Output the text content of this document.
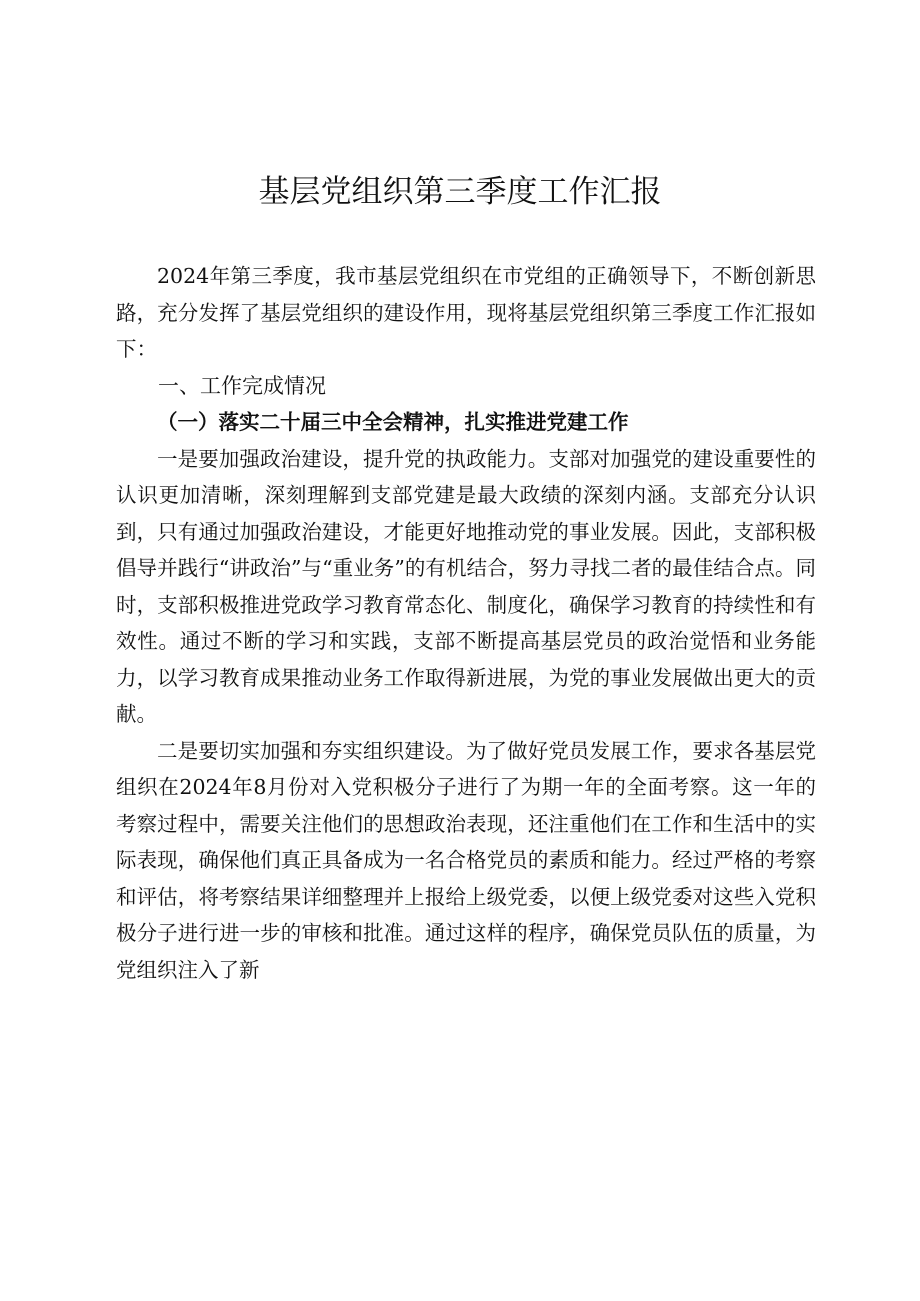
基层党组织第三季度工作汇报

2024年第三季度，我市基层党组织在市党组的正确领导下，不断创新思路，充分发挥了基层党组织的建设作用，现将基层党组织第三季度工作汇报如下：

一、工作完成情况

（一）落实二十届三中全会精神，扎实推进党建工作

一是要加强政治建设，提升党的执政能力。支部对加强党的建设重要性的认识更加清晰，深刻理解到支部党建是最大政绩的深刻内涵。支部充分认识到，只有通过加强政治建设，才能更好地推动党的事业发展。因此，支部积极倡导并践行“讲政治”与“重业务”的有机结合，努力寻找二者的最佳结合点。同时，支部积极推进党政学习教育常态化、制度化，确保学习教育的持续性和有效性。通过不断的学习和实践，支部不断提高基层党员的政治觉悟和业务能力，以学习教育成果推动业务工作取得新进展，为党的事业发展做出更大的贡献。

二是要切实加强和夯实组织建设。为了做好党员发展工作，要求各基层党组织在2024年8月份对入党积极分子进行了为期一年的全面考察。这一年的考察过程中，需要关注他们的思想政治表现，还注重他们在工作和生活中的实际表现，确保他们真正具备成为一名合格党员的素质和能力。经过严格的考察和评估，将考察结果详细整理并上报给上级党委，以便上级党委对这些入党积极分子进行进一步的审核和批准。通过这样的程序，确保党员队伍的质量，为党组织注入了新
